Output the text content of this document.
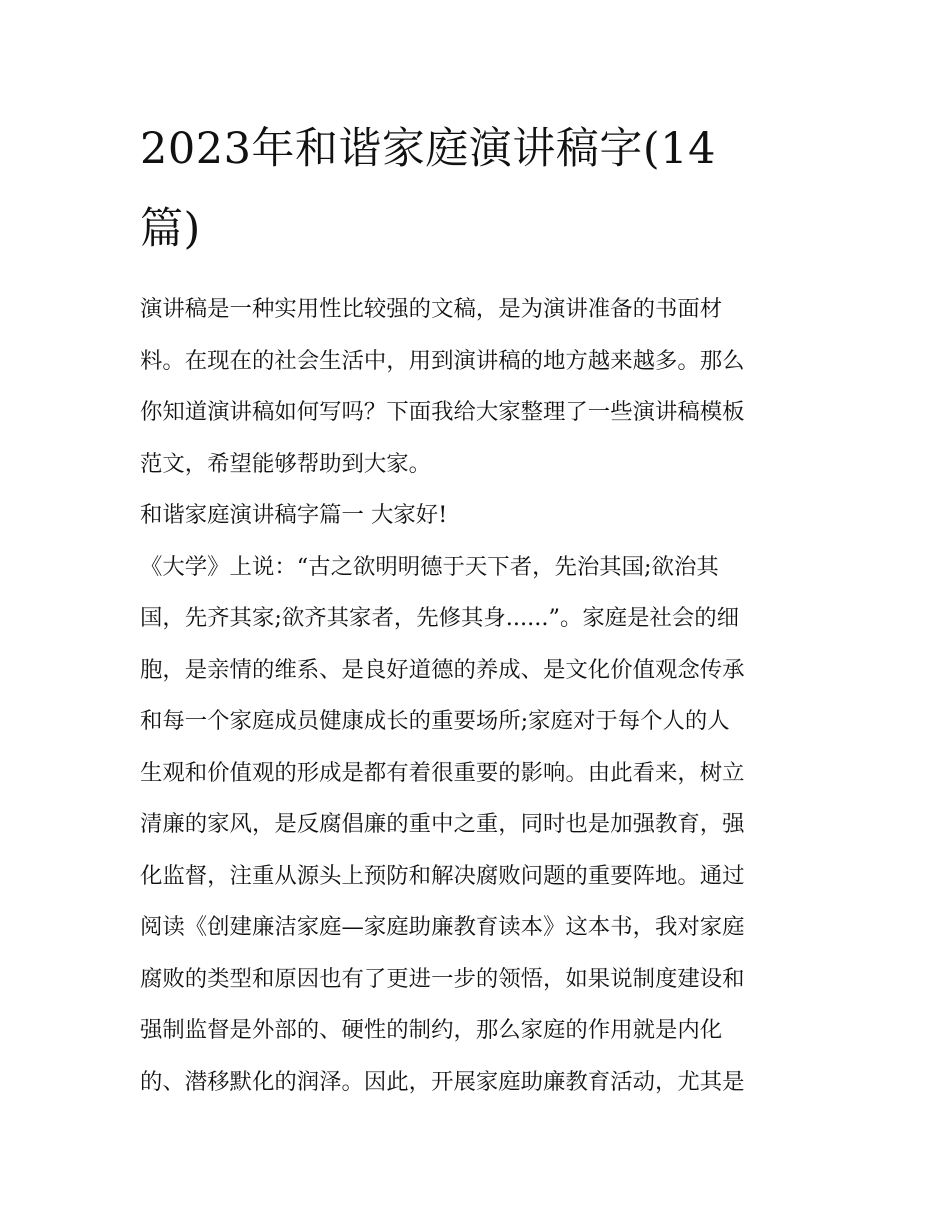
2023年和谐家庭演讲稿字(14
篇)
演讲稿是一种实用性比较强的文稿，是为演讲准备的书面材
料。在现在的社会生活中，用到演讲稿的地方越来越多。那么
你知道演讲稿如何写吗？下面我给大家整理了一些演讲稿模板
范文，希望能够帮助到大家。
和谐家庭演讲稿字篇一 大家好!
《大学》上说：“古之欲明明德于天下者，先治其国;欲治其
国，先齐其家;欲齐其家者，先修其身......”。家庭是社会的细
胞，是亲情的维系、是良好道德的养成、是文化价值观念传承
和每一个家庭成员健康成长的重要场所;家庭对于每个人的人
生观和价值观的形成是都有着很重要的影响。由此看来，树立
清廉的家风，是反腐倡廉的重中之重，同时也是加强教育，强
化监督，注重从源头上预防和解决腐败问题的重要阵地。通过
阅读《创建廉洁家庭—家庭助廉教育读本》这本书，我对家庭
腐败的类型和原因也有了更进一步的领悟，如果说制度建设和
强制监督是外部的、硬性的制约，那么家庭的作用就是内化
的、潜移默化的润泽。因此，开展家庭助廉教育活动，尤其是
